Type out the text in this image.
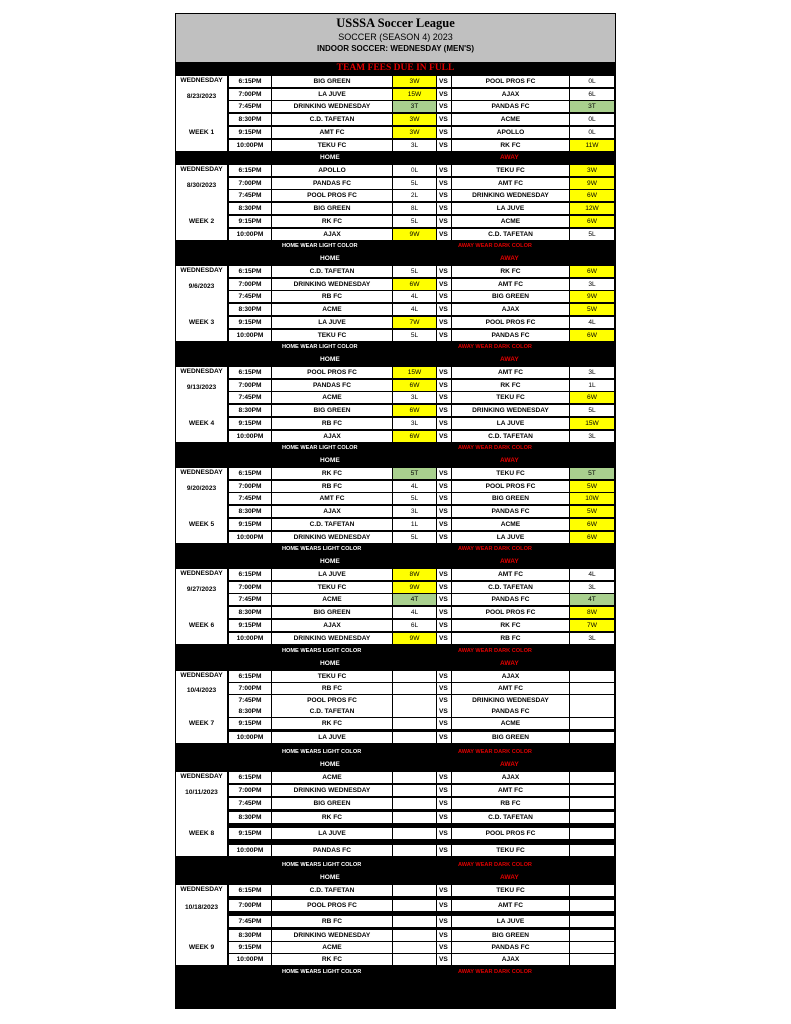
USSSA Soccer League
SOCCER (SEASON 4) 2023
INDOOR SOCCER: WEDNESDAY (MEN'S)
TEAM FEES DUE IN FULL
WEDNESDAY
8/23/2023
WEEK 1
6:15PM	BIG GREEN	3W	VS	POOL PROS FC	0L
7:00PM	LA JUVE	15W	VS	AJAX	6L
7:45PM	DRINKING WEDNESDAY	3T	VS	PANDAS FC	3T
8:30PM	C.D. TAFETAN	3W	VS	ACME	0L
9:15PM	AMT FC	3W	VS	APOLLO	0L
10:00PM	TEKU FC	3L	VS	RK FC	11W
HOME	AWAY
WEDNESDAY
8/30/2023
WEEK 2
6:15PM	APOLLO	0L	VS	TEKU FC	3W
7:00PM	PANDAS FC	5L	VS	AMT FC	9W
7:45PM	POOL PROS FC	2L	VS	DRINKING WEDNESDAY	6W
8:30PM	BIG GREEN	8L	VS	LA JUVE	12W
9:15PM	RK FC	5L	VS	ACME	6W
10:00PM	AJAX	9W	VS	C.D. TAFETAN	5L
HOME	AWAY
HOME WEAR LIGHT COLOR	AWAY WEAR DARK COLOR
WEDNESDAY
9/6/2023
WEEK 3
6:15PM	C.D. TAFETAN	5L	VS	RK FC	6W
7:00PM	DRINKING WEDNESDAY	6W	VS	AMT FC	3L
7:45PM	RB FC	4L	VS	BIG GREEN	9W
8:30PM	ACME	4L	VS	AJAX	5W
9:15PM	LA JUVE	7W	VS	POOL PROS FC	4L
10:00PM	TEKU FC	5L	VS	PANDAS FC	6W
HOME	AWAY
HOME WEAR LIGHT COLOR	AWAY WEAR DARK COLOR
WEDNESDAY
9/13/2023
WEEK 4
6:15PM	POOL PROS FC	15W	VS	AMT FC	3L
7:00PM	PANDAS FC	6W	VS	RK FC	1L
7:45PM	ACME	3L	VS	TEKU FC	6W
8:30PM	BIG GREEN	6W	VS	DRINKING WEDNESDAY	5L
9:15PM	RB FC	3L	VS	LA JUVE	15W
10:00PM	AJAX	6W	VS	C.D. TAFETAN	3L
HOME	AWAY
HOME WEAR LIGHT COLOR	AWAY WEAR DARK COLOR
WEDNESDAY
9/20/2023
WEEK 5
6:15PM	RK FC	5T	VS	TEKU FC	5T
7:00PM	RB FC	4L	VS	POOL PROS FC	5W
7:45PM	AMT FC	5L	VS	BIG GREEN	10W
8:30PM	AJAX	3L	VS	PANDAS FC	5W
9:15PM	C.D. TAFETAN	1L	VS	ACME	6W
10:00PM	DRINKING WEDNESDAY	5L	VS	LA JUVE	6W
HOME	AWAY
HOME WEARS LIGHT COLOR	AWAY WEAR DARK COLOR
WEDNESDAY
9/27/2023
WEEK 6
6:15PM	LA JUVE	8W	VS	AMT FC	4L
7:00PM	TEKU FC	9W	VS	C.D. TAFETAN	3L
7:45PM	ACME	4T	VS	PANDAS FC	4T
8:30PM	BIG GREEN	4L	VS	POOL PROS FC	8W
9:15PM	AJAX	6L	VS	RK FC	7W
10:00PM	DRINKING WEDNESDAY	9W	VS	RB FC	3L
HOME	AWAY
HOME WEARS LIGHT COLOR	AWAY WEAR DARK COLOR
WEDNESDAY
10/4/2023
WEEK 7
6:15PM	TEKU FC	VS	AJAX
7:00PM	RB FC	VS	AMT FC
7:45PM	POOL PROS FC	VS	DRINKING WEDNESDAY
8:30PM	C.D. TAFETAN	VS	PANDAS FC
9:15PM	RK FC	VS	ACME
10:00PM	LA JUVE	VS	BIG GREEN
HOME	AWAY
HOME WEARS LIGHT COLOR	AWAY WEAR DARK COLOR
WEDNESDAY
10/11/2023
WEEK 8
6:15PM	ACME	VS	AJAX
7:00PM	DRINKING WEDNESDAY	VS	AMT FC
7:45PM	BIG GREEN	VS	RB FC
8:30PM	RK FC	VS	C.D. TAFETAN
9:15PM	LA JUVE	VS	POOL PROS FC
10:00PM	PANDAS FC	VS	TEKU FC
HOME	AWAY
HOME WEARS LIGHT COLOR	AWAY WEAR DARK COLOR
WEDNESDAY
10/18/2023
WEEK 9
6:15PM	C.D. TAFETAN	VS	TEKU FC
7:00PM	POOL PROS FC	VS	AMT FC
7:45PM	RB FC	VS	LA JUVE
8:30PM	DRINKING WEDNESDAY	VS	BIG GREEN
9:15PM	ACME	VS	PANDAS FC
10:00PM	RK FC	VS	AJAX
HOME WEARS LIGHT COLOR	AWAY WEAR DARK COLOR
